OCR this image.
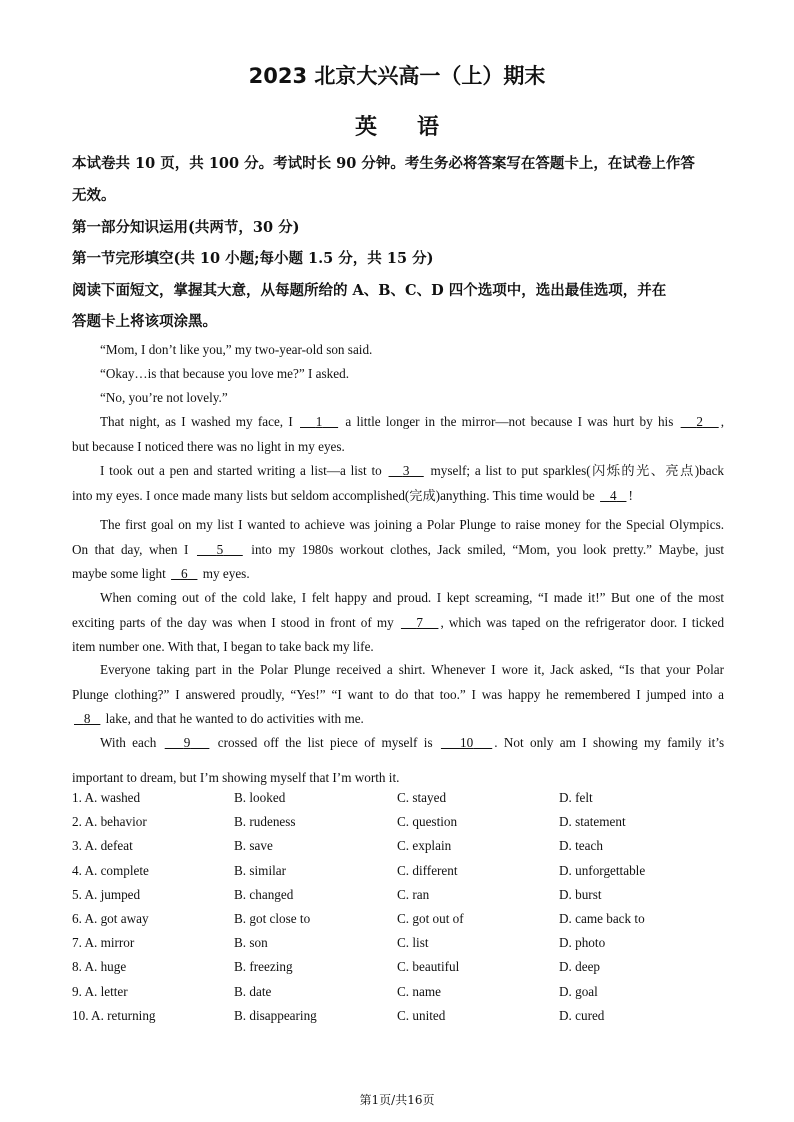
2023 北京大兴高一（上）期末
英语
本试卷共 10 页，共 100 分。考试时长 90 分钟。考生务必将答案写在答题卡上，在试卷上作答
无效。
第一部分知识运用(共两节，30 分)
第一节完形填空(共 10 小题;每小题 1.5 分，共 15 分)
阅读下面短文，掌握其大意，从每题所给的 A、B、C、D 四个选项中，选出最佳选项，并在
答题卡上将该项涂黑。
“Mom, I don’t like you,” my two-year-old son said.
“Okay…is that because you love me?” I asked.
“No, you’re not lovely.”
That night, as I washed my face, I 1 a little longer in the mirror—not because I was hurt by his 2 ,
but because I noticed there was no light in my eyes.
I took out a pen and started writing a list—a list to 3 myself; a list to put sparkles(闪烁的光、亮点)back
into my eyes. I once made many lists but seldom accomplished(完成)anything. This time would be 4 !
The first goal on my list I wanted to achieve was joining a Polar Plunge to raise money for the Special Olympics.
On that day, when I 5 into my 1980s workout clothes, Jack smiled, “Mom, you look pretty.” Maybe, just
maybe some light 6 my eyes.
When coming out of the cold lake, I felt happy and proud. I kept screaming, “I made it!” But one of the most
exciting parts of the day was when I stood in front of my 7 , which was taped on the refrigerator door. I ticked
item number one. With that, I began to take back my life.
Everyone taking part in the Polar Plunge received a shirt. Whenever I wore it, Jack asked, “Is that your Polar
Plunge clothing?” I answered proudly, “Yes!” “I want to do that too.” I was happy he remembered I jumped into a
8 lake, and that he wanted to do activities with me.
With each 9 crossed off the list piece of myself is 10 . Not only am I showing my family it’s
important to dream, but I’m showing myself that I’m worth it.
1. A. washed	B. looked	C. stayed	D. felt
2. A. behavior	B. rudeness	C. question	D. statement
3. A. defeat	B. save	C. explain	D. teach
4. A. complete	B. similar	C. different	D. unforgettable
5. A. jumped	B. changed	C. ran	D. burst
6. A. got away	B. got close to	C. got out of	D. came back to
7. A. mirror	B. son	C. list	D. photo
8. A. huge	B. freezing	C. beautiful	D. deep
9. A. letter	B. date	C. name	D. goal
10. A. returning	B. disappearing	C. united	D. cured
第1页/共16页
